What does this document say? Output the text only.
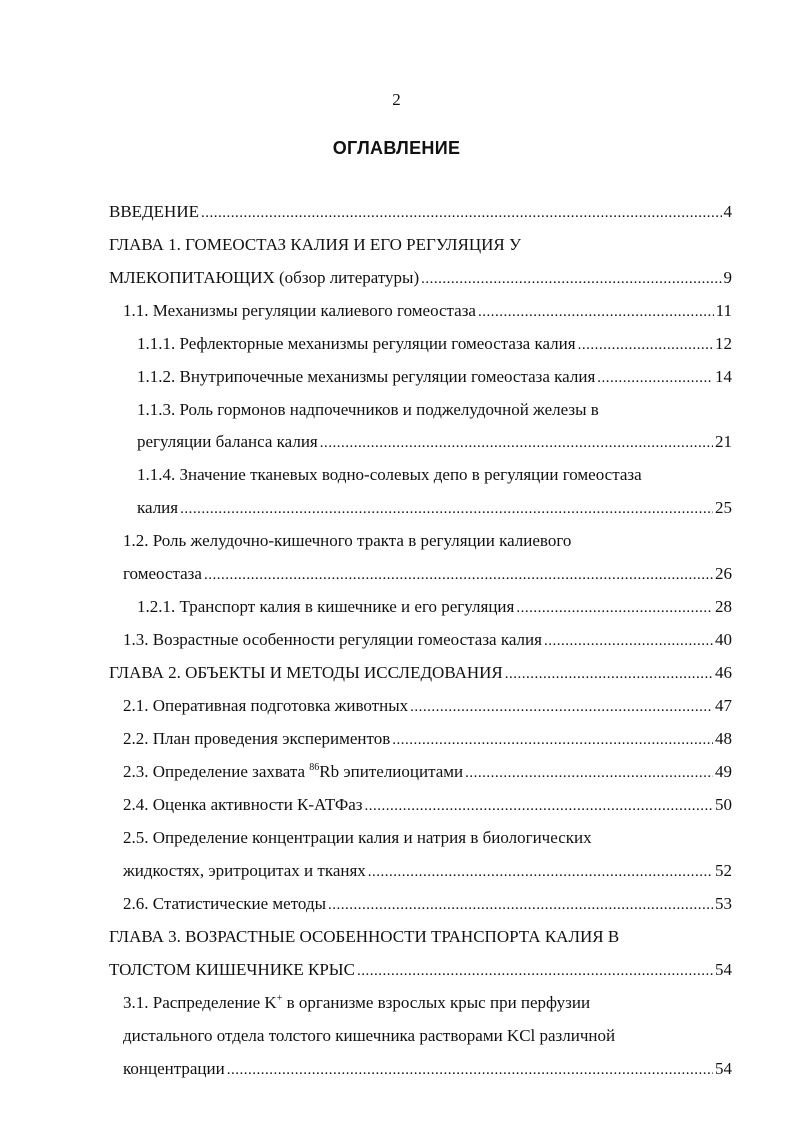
2
ОГЛАВЛЕНИЕ
ВВЕДЕНИЕ .....	4
ГЛАВА 1. ГОМЕОСТАЗ КАЛИЯ И ЕГО РЕГУЛЯЦИЯ У
МЛЕКОПИТАЮЩИХ (обзор литературы) .....	9
1.1. Механизмы регуляции калиевого гомеостаза .....	11
1.1.1. Рефлекторные механизмы регуляции гомеостаза калия .....	12
1.1.2. Внутрипочечные механизмы регуляции гомеостаза калия .....	14
1.1.3. Роль гормонов надпочечников и поджелудочной железы в
регуляции баланса калия .....	21
1.1.4. Значение тканевых водно-солевых депо в регуляции гомеостаза
калия .....	25
1.2. Роль желудочно-кишечного тракта в регуляции калиевого
гомеостаза .....	26
1.2.1. Транспорт калия в кишечнике и его регуляция .....	28
1.3. Возрастные особенности регуляции гомеостаза калия .....	40
ГЛАВА 2. ОБЪЕКТЫ И МЕТОДЫ ИССЛЕДОВАНИЯ .....	46
2.1. Оперативная подготовка животных .....	47
2.2. План проведения экспериментов .....	48
2.3. Определение захвата $^{86}$Rb эпителиоцитами .....	49
2.4. Оценка активности К-АТФаз .....	50
2.5. Определение концентрации калия и натрия в биологических
жидкостях, эритроцитах и тканях .....	52
2.6. Статистические методы .....	53
ГЛАВА 3. ВОЗРАСТНЫЕ ОСОБЕННОСТИ ТРАНСПОРТА КАЛИЯ В
ТОЛСТОМ КИШЕЧНИКЕ КРЫС .....	54
3.1. Распределение K+ в организме взрослых крыс при перфузии
дистального отдела толстого кишечника растворами KCl различной
концентрации .....	54
